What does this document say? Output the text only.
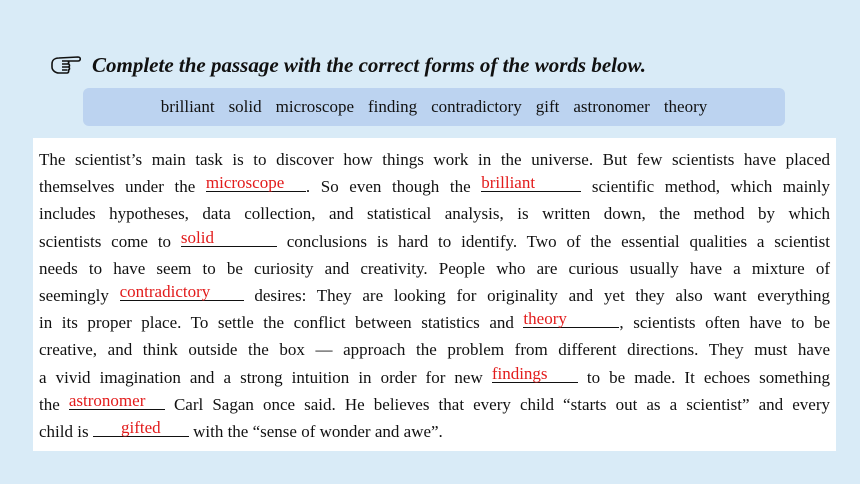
Complete the passage with the correct forms of the words below.
brilliant solid microscope finding contradictory gift astronomer theory
The scientist’s main task is to discover how things work in the universe. But few scientists have placed
themselves under the microscope	. So even though the brilliant	scientific method, which mainly
includes hypotheses, data collection, and statistical analysis, is written down, the method by which
scientists come to solid	conclusions is hard to identify. Two of the essential qualities a scientist
needs to have seem to be curiosity and creativity. People who are curious usually have a mixture of
seemingly contradictory	desires: They are looking for originality and yet they also want everything
in its proper place. To settle the conflict between statistics and theory	, scientists often have to be
creative, and think outside the box — approach the problem from different directions. They must have
a vivid imagination and a strong intuition in order for new findings	to be made. It echoes something
the astronomer	Carl Sagan once said. He believes that every child “starts out as a scientist” and every
child is	gifted	with the “sense of wonder and awe”.
